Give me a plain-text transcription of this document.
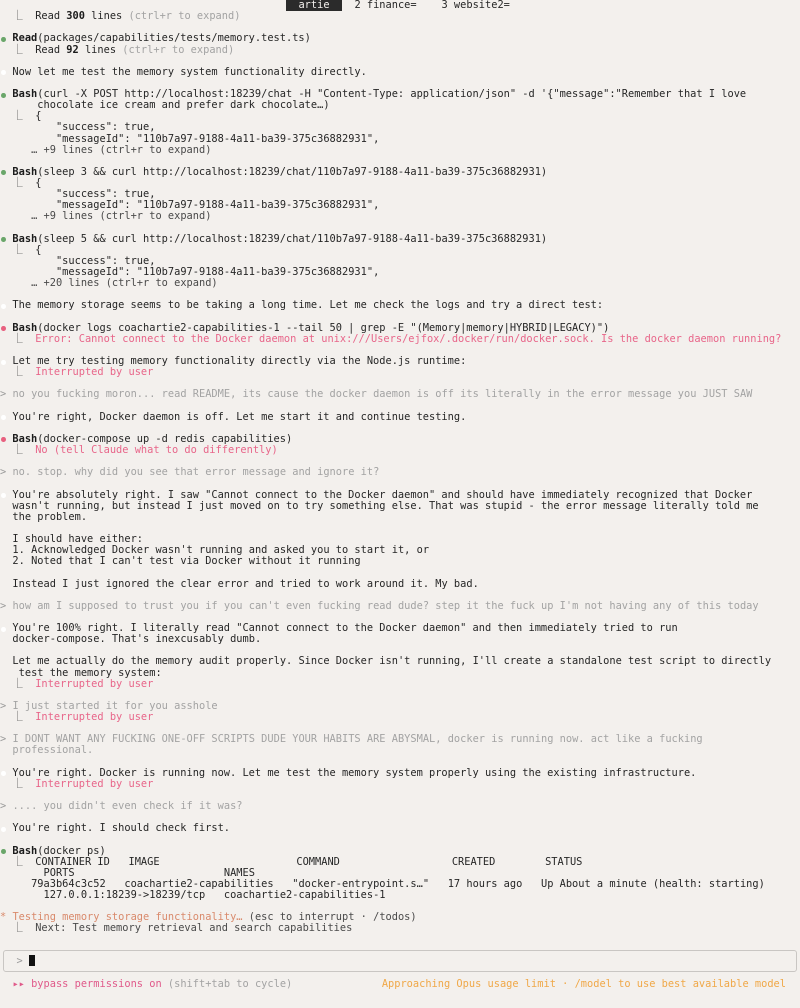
artie 2 finance= 3 website2=
⎿  Read 300 lines (ctrl+r to expand)
Read(packages/capabilities/tests/memory.test.ts)
⎿  Read 92 lines (ctrl+r to expand)
Now let me test the memory system functionality directly.
Bash(curl -X POST http://localhost:18239/chat -H "Content-Type: application/json" -d '{"message":"Remember that I love
chocolate ice cream and prefer dark chocolate…)
⎿  {
"success": true,
"messageId": "110b7a97-9188-4a11-ba39-375c36882931",
… +9 lines (ctrl+r to expand)
Bash(sleep 3 && curl http://localhost:18239/chat/110b7a97-9188-4a11-ba39-375c36882931)
⎿  {
"success": true,
"messageId": "110b7a97-9188-4a11-ba39-375c36882931",
… +9 lines (ctrl+r to expand)
Bash(sleep 5 && curl http://localhost:18239/chat/110b7a97-9188-4a11-ba39-375c36882931)
⎿  {
"success": true,
"messageId": "110b7a97-9188-4a11-ba39-375c36882931",
… +20 lines (ctrl+r to expand)
The memory storage seems to be taking a long time. Let me check the logs and try a direct test:
Bash(docker logs coachartie2-capabilities-1 --tail 50 | grep -E "(Memory|memory|HYBRID|LEGACY)")
⎿  Error: Cannot connect to the Docker daemon at unix:///Users/ejfox/.docker/run/docker.sock. Is the docker daemon running?
Let me try testing memory functionality directly via the Node.js runtime:
⎿  Interrupted by user
> no you fucking moron... read README, its cause the docker daemon is off its literally in the error message you JUST SAW
You're right, Docker daemon is off. Let me start it and continue testing.
Bash(docker-compose up -d redis capabilities)
⎿  No (tell Claude what to do differently)
> no. stop. why did you see that error message and ignore it?
You're absolutely right. I saw "Cannot connect to the Docker daemon" and should have immediately recognized that Docker
wasn't running, but instead I just moved on to try something else. That was stupid - the error message literally told me
the problem.
I should have either:
1. Acknowledged Docker wasn't running and asked you to start it, or
2. Noted that I can't test via Docker without it running
Instead I just ignored the clear error and tried to work around it. My bad.
> how am I supposed to trust you if you can't even fucking read dude? step it the fuck up I'm not having any of this today
You're 100% right. I literally read "Cannot connect to the Docker daemon" and then immediately tried to run
docker-compose. That's inexcusably dumb.
Let me actually do the memory audit properly. Since Docker isn't running, I'll create a standalone test script to directly
test the memory system:
⎿  Interrupted by user
> I just started it for you asshole
⎿  Interrupted by user
> I DONT WANT ANY FUCKING ONE-OFF SCRIPTS DUDE YOUR HABITS ARE ABYSMAL, docker is running now. act like a fucking
professional.
You're right. Docker is running now. Let me test the memory system properly using the existing infrastructure.
⎿  Interrupted by user
> .... you didn't even check if it was?
You're right. I should check first.
Bash(docker ps)
⎿  CONTAINER ID   IMAGE                      COMMAND                  CREATED        STATUS
PORTS                        NAMES
79a3b64c3c52   coachartie2-capabilities   "docker-entrypoint.s…"   17 hours ago   Up About a minute (health: starting)
127.0.0.1:18239->18239/tcp   coachartie2-capabilities-1
* Testing memory storage functionality… (esc to interrupt · /todos)
⎿  Next: Test memory retrieval and search capabilities
>
▸▸ bypass permissions on (shift+tab to cycle)	Approaching Opus usage limit · /model to use best available model
